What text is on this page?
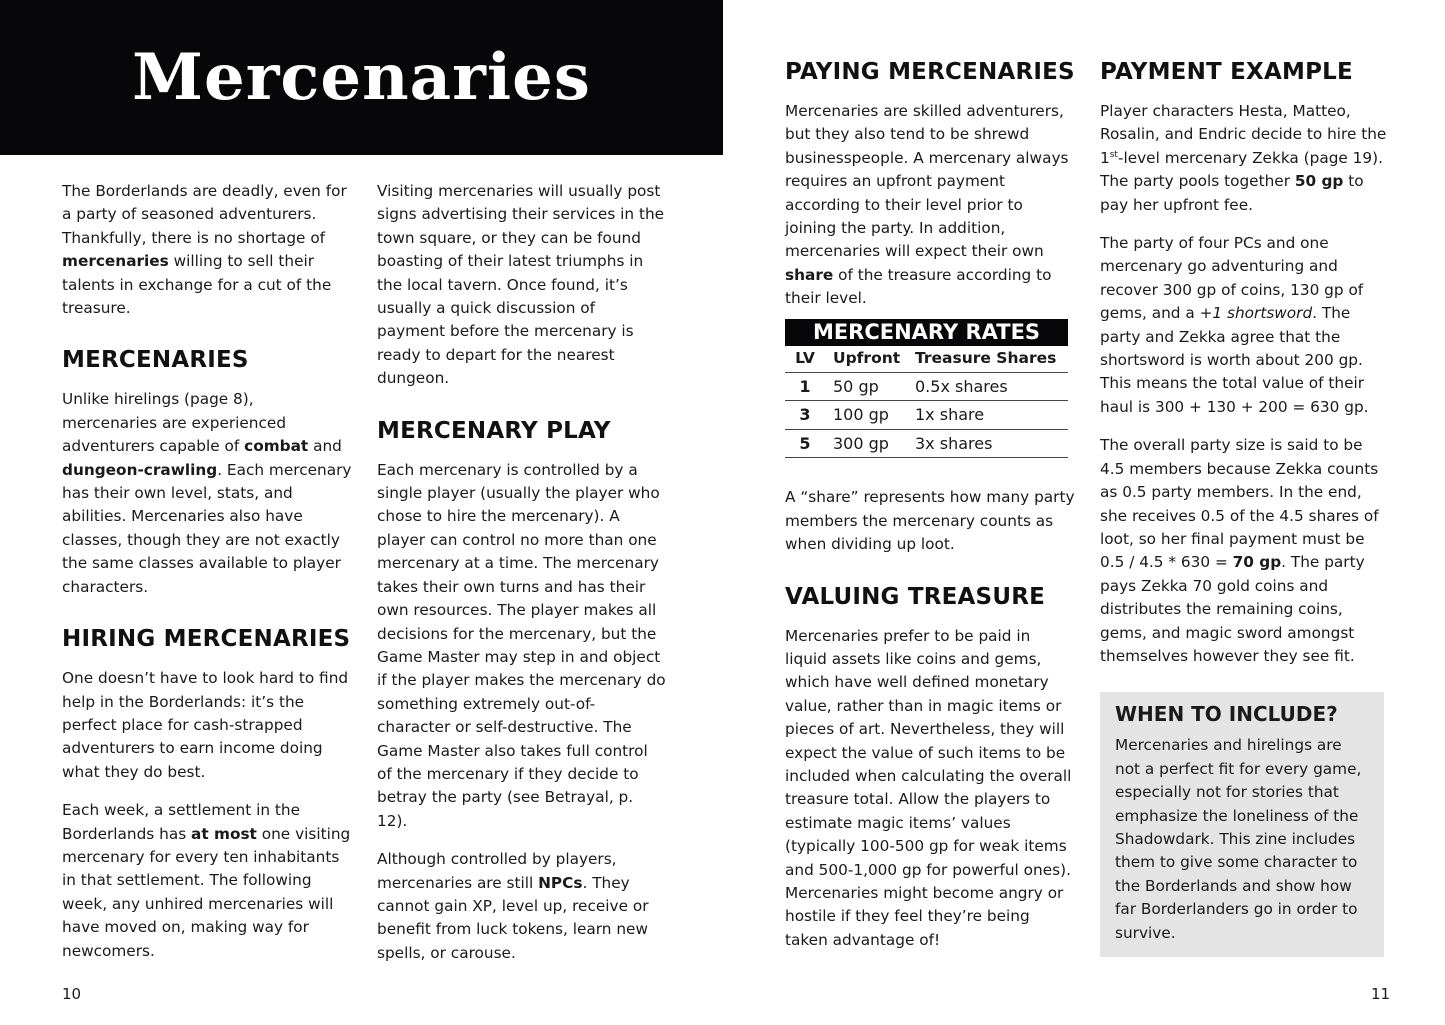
Mercenaries

The Borderlands are deadly, even for a party of seasoned adventurers. Thankfully, there is no shortage of mercenaries willing to sell their talents in exchange for a cut of the treasure.

MERCENARIES

Unlike hirelings (page 8), mercenaries are experienced adventurers capable of combat and dungeon-crawling. Each mercenary has their own level, stats, and abilities. Mercenaries also have classes, though they are not exactly the same classes available to player characters.

HIRING MERCENARIES

One doesn’t have to look hard to find help in the Borderlands: it’s the perfect place for cash-strapped adventurers to earn income doing what they do best.

Each week, a settlement in the Borderlands has at most one visiting mercenary for every ten inhabitants in that settlement. The following week, any unhired mercenaries will have moved on, making way for newcomers.

Visiting mercenaries will usually post signs advertising their services in the town square, or they can be found boasting of their latest triumphs in the local tavern. Once found, it’s usually a quick discussion of payment before the mercenary is ready to depart for the nearest dungeon.

MERCENARY PLAY

Each mercenary is controlled by a single player (usually the player who chose to hire the mercenary). A player can control no more than one mercenary at a time. The mercenary takes their own turns and has their own resources. The player makes all decisions for the mercenary, but the Game Master may step in and object if the player makes the mercenary do something extremely out-of-character or self-destructive. The Game Master also takes full control of the mercenary if they decide to betray the party (see Betrayal, p. 12).

Although controlled by players, mercenaries are still NPCs. They cannot gain XP, level up, receive or benefit from luck tokens, learn new spells, or carouse.

PAYING MERCENARIES

Mercenaries are skilled adventurers, but they also tend to be shrewd businesspeople. A mercenary always requires an upfront payment according to their level prior to joining the party. In addition, mercenaries will expect their own share of the treasure according to their level.

MERCENARY RATES
LV	Upfront	Treasure Shares
1	50 gp	0.5x shares
3	100 gp	1x share
5	300 gp	3x shares

A “share” represents how many party members the mercenary counts as when dividing up loot.

VALUING TREASURE

Mercenaries prefer to be paid in liquid assets like coins and gems, which have well defined monetary value, rather than in magic items or pieces of art. Nevertheless, they will expect the value of such items to be included when calculating the overall treasure total. Allow the players to estimate magic items’ values (typically 100-500 gp for weak items and 500-1,000 gp for powerful ones). Mercenaries might become angry or hostile if they feel they’re being taken advantage of!

PAYMENT EXAMPLE

Player characters Hesta, Matteo, Rosalin, and Endric decide to hire the 1st-level mercenary Zekka (page 19). The party pools together 50 gp to pay her upfront fee.

The party of four PCs and one mercenary go adventuring and recover 300 gp of coins, 130 gp of gems, and a +1 shortsword. The party and Zekka agree that the shortsword is worth about 200 gp. This means the total value of their haul is 300 + 130 + 200 = 630 gp.

The overall party size is said to be 4.5 members because Zekka counts as 0.5 party members. In the end, she receives 0.5 of the 4.5 shares of loot, so her final payment must be 0.5 / 4.5 * 630 = 70 gp. The party pays Zekka 70 gold coins and distributes the remaining coins, gems, and magic sword amongst themselves however they see fit.

WHEN TO INCLUDE?

Mercenaries and hirelings are not a perfect fit for every game, especially not for stories that emphasize the loneliness of the Shadowdark. This zine includes them to give some character to the Borderlands and show how far Borderlanders go in order to survive.

10	11
